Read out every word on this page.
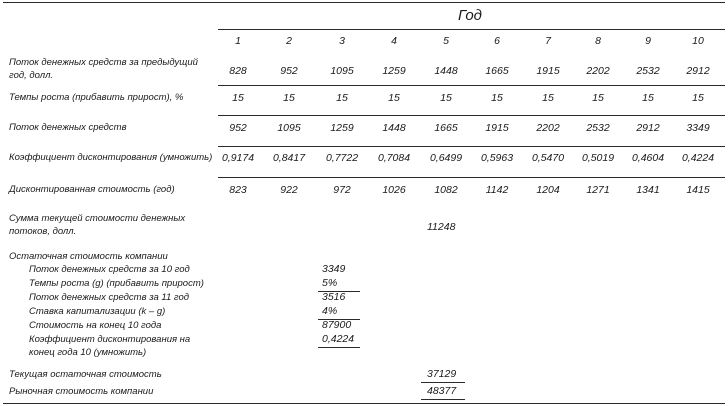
Год
1	2	3	4	5	6	7	8	9	10
Поток денежных средств за предыдущий
год, долл.	828	952	1095	1259	1448	1665	1915	2202	2532	2912
Темпы роста (прибавить прирост), %	15	15	15	15	15	15	15	15	15	15
Поток денежных средств	952	1095	1259	1448	1665	1915	2202	2532	2912	3349
Коэффициент дисконтирования (умножить) 0,9174	0,8417	0,7722	0,7084	0,6499	0,5963	0,5470	0,5019	0,4604	0,4224
Дисконтированная стоимость (год)	823	922	972	1026	1082	1142	1204	1271	1341	1415
Сумма текущей стоимости денежных
потоков, долл.	11248
Остаточная стоимость компании
Поток денежных средств за 10 год	3349
Темпы роста (g) (прибавить прирост)	5%
Поток денежных средств за 11 год	3516
Ставка капитализации (k – g)	4%
Стоимость на конец 10 года	87900
Коэффициент дисконтирования на
конец года 10 (умножить)
0,4224
Текущая остаточная стоимость	37129
Рыночная стоимость компании	48377
